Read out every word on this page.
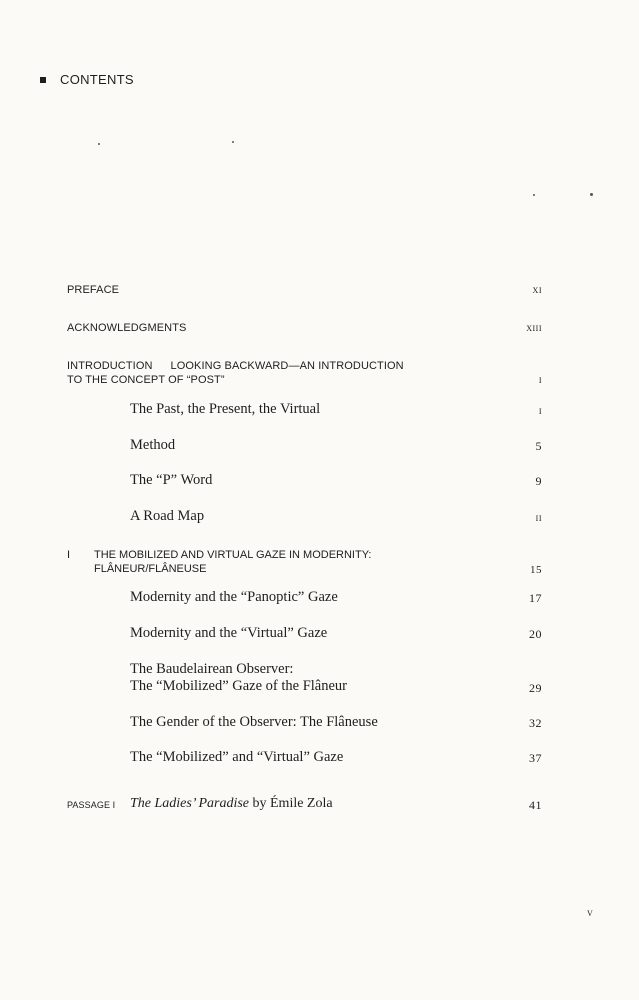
CONTENTS
PREFACE	xi
ACKNOWLEDGMENTS	xiii
INTRODUCTION LOOKING BACKWARD—AN INTRODUCTION
TO THE CONCEPT OF “POST”	i
The Past, the Present, the Virtual	i
Method	5
The “P” Word	9
A Road Map	ii
I THE MOBILIZED AND VIRTUAL GAZE IN MODERNITY:
FLÂNEUR/FLÂNEUSE	15
Modernity and the “Panoptic” Gaze	17
Modernity and the “Virtual” Gaze	20
The Baudelairean Observer:
The “Mobilized” Gaze of the Flâneur	29
The Gender of the Observer: The Flâneuse	32
The “Mobilized” and “Virtual” Gaze	37
PASSAGE I The Ladies’ Paradise by Émile Zola	41
v
